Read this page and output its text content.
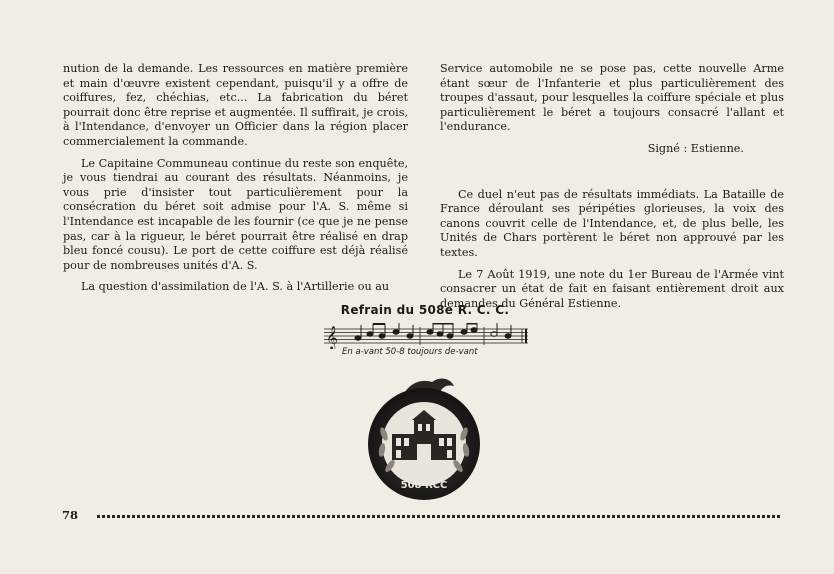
nution de la demande. Les ressources en matière première et main d'œuvre existent cependant, puisqu'il y a offre de coiffures, fez, chéchias, etc... La fabrication du béret pourrait donc être reprise et augmentée. Il suffirait, je crois, à l'Intendance, d'envoyer un Officier dans la région placer commercialement la commande.

Le Capitaine Communeau continue du reste son enquête, je vous tiendrai au courant des résultats. Néanmoins, je vous prie d'insister tout particulièrement pour la consécration du béret soit admise pour l'A. S. même si l'Intendance est incapable de les fournir (ce que je ne pense pas, car à la rigueur, le béret pourrait être réalisé en drap bleu foncé cousu). Le port de cette coiffure est déjà réalisé pour de nombreuses unités d'A. S.

La question d'assimilation de l'A. S. à l'Artillerie ou au

Service automobile ne se pose pas, cette nouvelle Arme étant sœur de l'Infanterie et plus particulièrement des troupes d'assaut, pour lesquelles la coiffure spéciale et plus particulièrement le béret a toujours consacré l'allant et l'endurance.

Signé : Estienne.

Ce duel n'eut pas de résultats immédiats. La Bataille de France déroulant ses péripéties glorieuses, la voix des canons couvrit celle de l'Intendance, et, de plus belle, les Unités de Chars portèrent le béret non approuvé par les textes.

Le 7 Août 1919, une note du 1er Bureau de l'Armée vint consacrer un état de fait en faisant entièrement droit aux demandes du Général Estienne.

Refrain du 508e R. C. C.
𝄞
En a-vant 50-8 toujours de-vant
508 RCC
78
